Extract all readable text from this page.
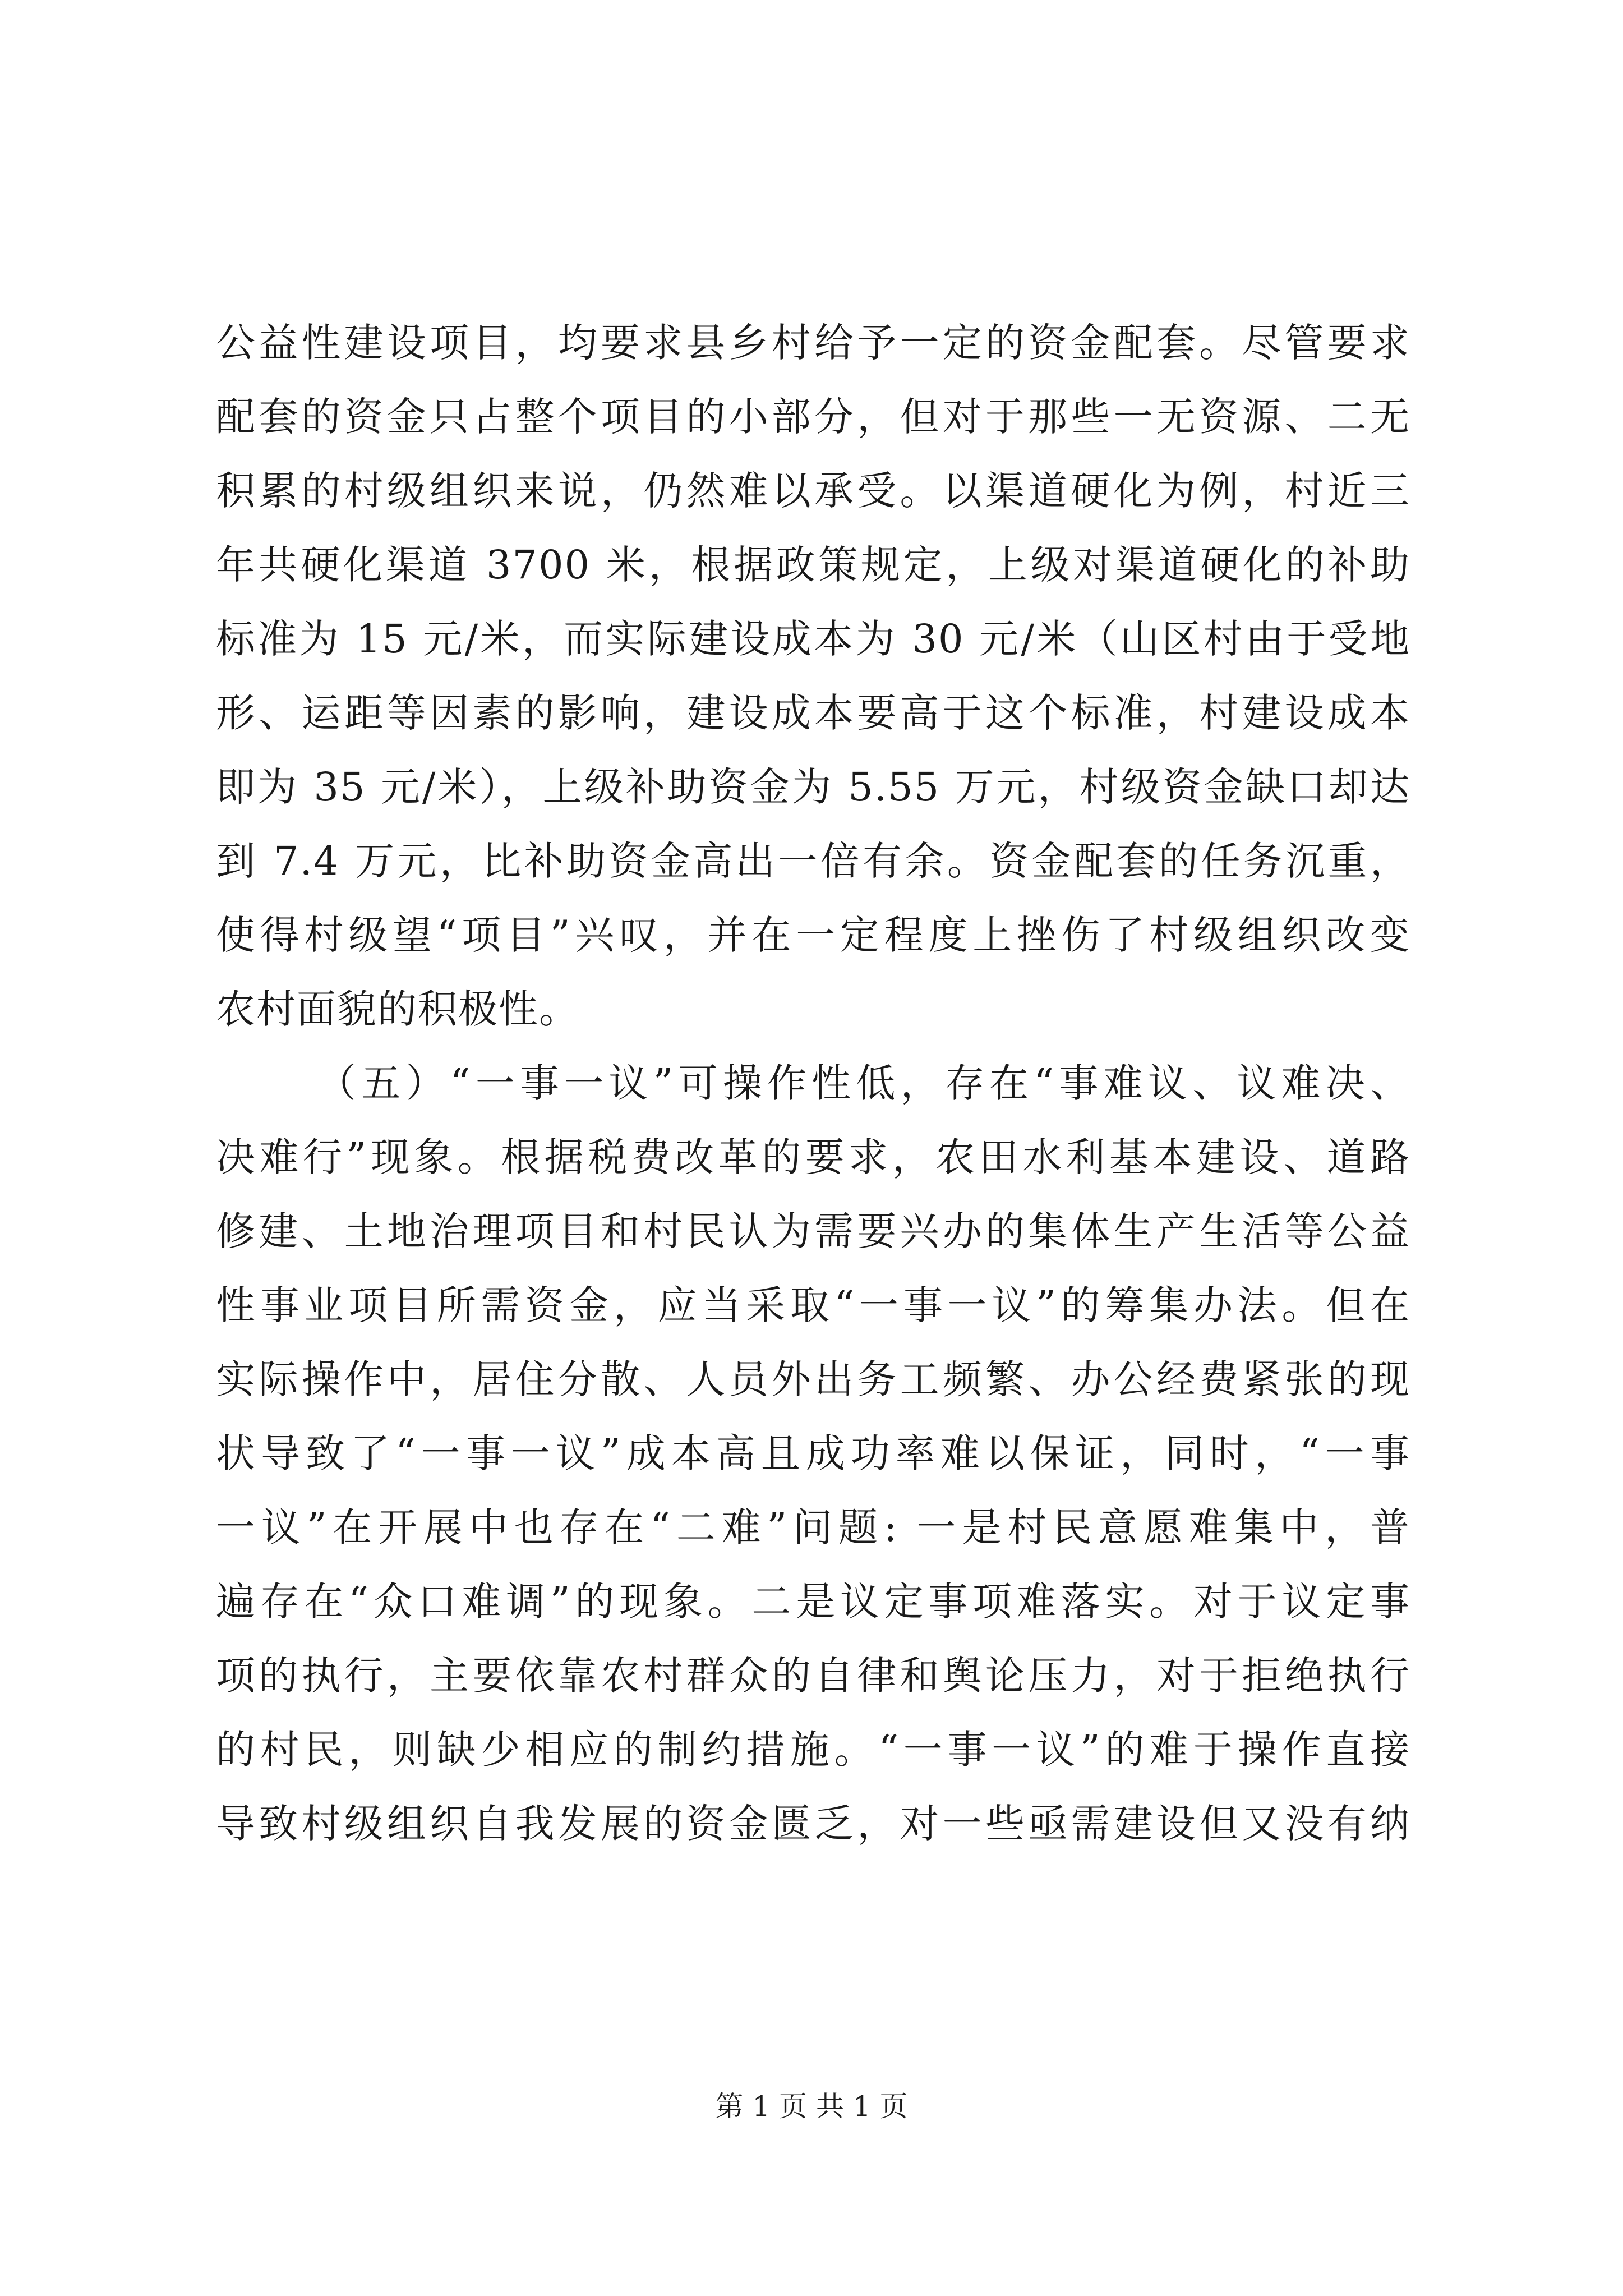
公益性建设项目，均要求县乡村给予一定的资金配套。尽管要求
配套的资金只占整个项目的小部分，但对于那些一无资源、二无
积累的村级组织来说，仍然难以承受。以渠道硬化为例，村近三
年共硬化渠道 3700 米，根据政策规定，上级对渠道硬化的补助
标准为 15 元/米，而实际建设成本为 30 元/米（山区村由于受地
形、运距等因素的影响，建设成本要高于这个标准，村建设成本
即为 35 元/米），上级补助资金为 5.55 万元，村级资金缺口却达
到 7.4 万元，比补助资金高出一倍有余。资金配套的任务沉重，
使得村级望“项目”兴叹，并在一定程度上挫伤了村级组织改变
农村面貌的积极性。
（五）“一事一议”可操作性低，存在“事难议、议难决、
决难行”现象。根据税费改革的要求，农田水利基本建设、道路
修建、土地治理项目和村民认为需要兴办的集体生产生活等公益
性事业项目所需资金，应当采取“一事一议”的筹集办法。但在
实际操作中，居住分散、人员外出务工频繁、办公经费紧张的现
状导致了“一事一议”成本高且成功率难以保证，同时，“一事
一议”在开展中也存在“二难”问题: 一是村民意愿难集中，普
遍存在“众口难调”的现象。二是议定事项难落实。对于议定事
项的执行，主要依靠农村群众的自律和舆论压力，对于拒绝执行
的村民，则缺少相应的制约措施。“一事一议”的难于操作直接
导致村级组织自我发展的资金匮乏，对一些亟需建设但又没有纳
第 1 页 共 1 页
